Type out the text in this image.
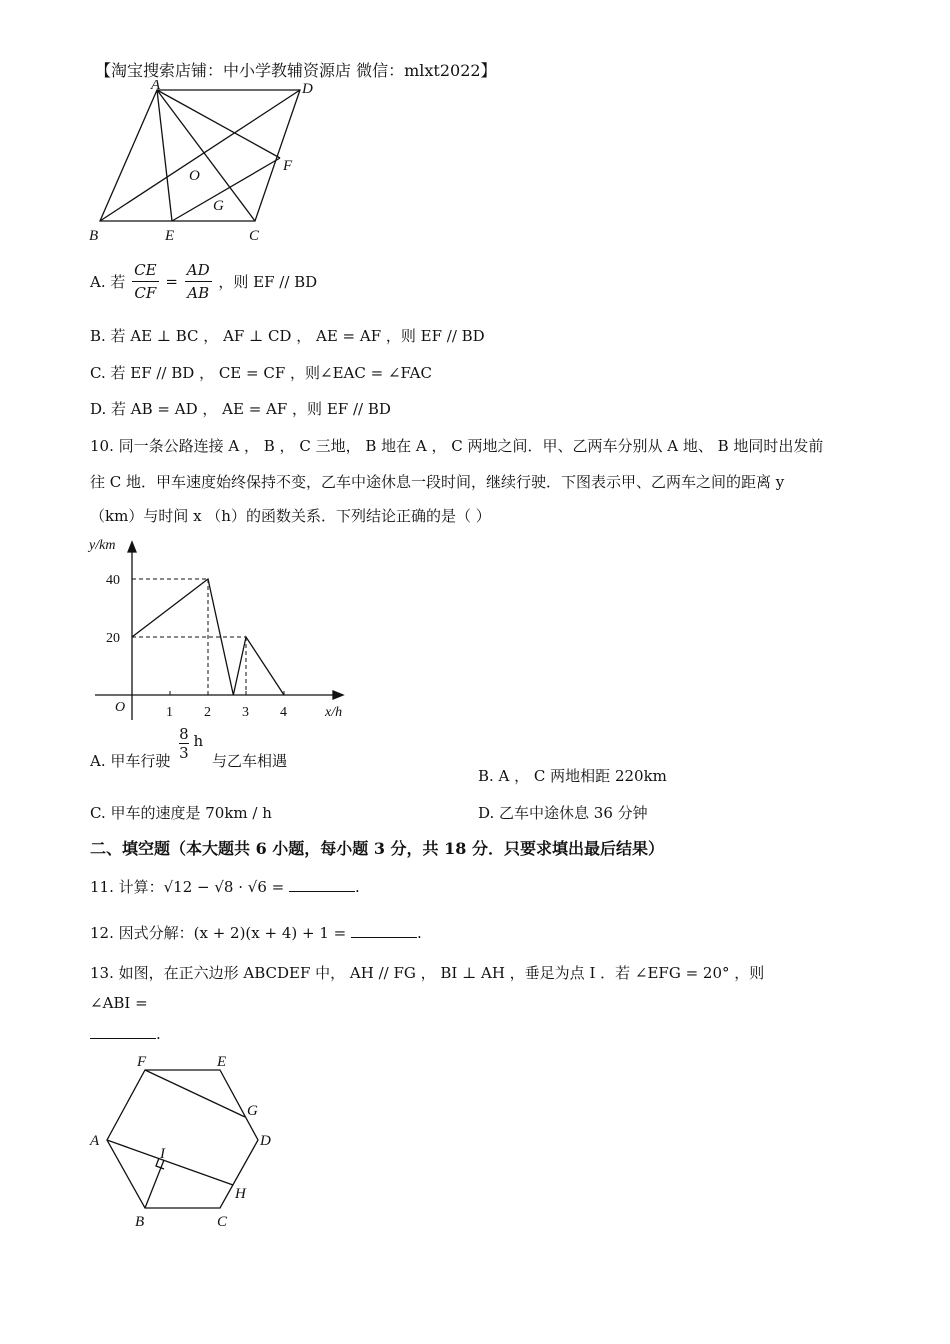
【淘宝搜索店铺：中小学教辅资源店 微信：mlxt2022】
A	D
F
O
G
B	E	C
A. 若 $\frac{CE}{CF} = \frac{AD}{AB}$ ，则 EF // BD
B. 若 AE ⊥ BC ， AF ⊥ CD ， AE = AF ，则 EF // BD
C. 若 EF // BD ， CE = CF ，则∠EAC = ∠FAC
D. 若 AB = AD ， AE = AF ，则 EF // BD
10. 同一条公路连接 A ， B ， C 三地， B 地在 A ， C 两地之间．甲、乙两车分别从 A 地、 B 地同时出发前
往 C 地．甲车速度始终保持不变，乙车中途休息一段时间，继续行驶．下图表示甲、乙两车之间的距离 y
（km）与时间 x （h）的函数关系．下列结论正确的是（ ）
1 2 3 4
20
40
y/km
x/h
O
A. 甲车行驶 $\frac{8}{3}$ h 与乙车相遇
B. A ， C 两地相距 220km
C. 甲车的速度是 70km / h	D. 乙车中途休息 36 分钟
二、填空题（本大题共 6 小题，每小题 3 分，共 18 分．只要求填出最后结果）
11. 计算：√12 − √8 · √6 =	.
12. 因式分解：(x + 2)(x + 4) + 1 =	.
13. 如图，在正六边形 ABCDEF 中， AH // FG ， BI ⊥ AH ，垂足为点 I ．若 ∠EFG = 20° ，则
∠ABI =
.
F	E
G
A
I
D
H
B	C
